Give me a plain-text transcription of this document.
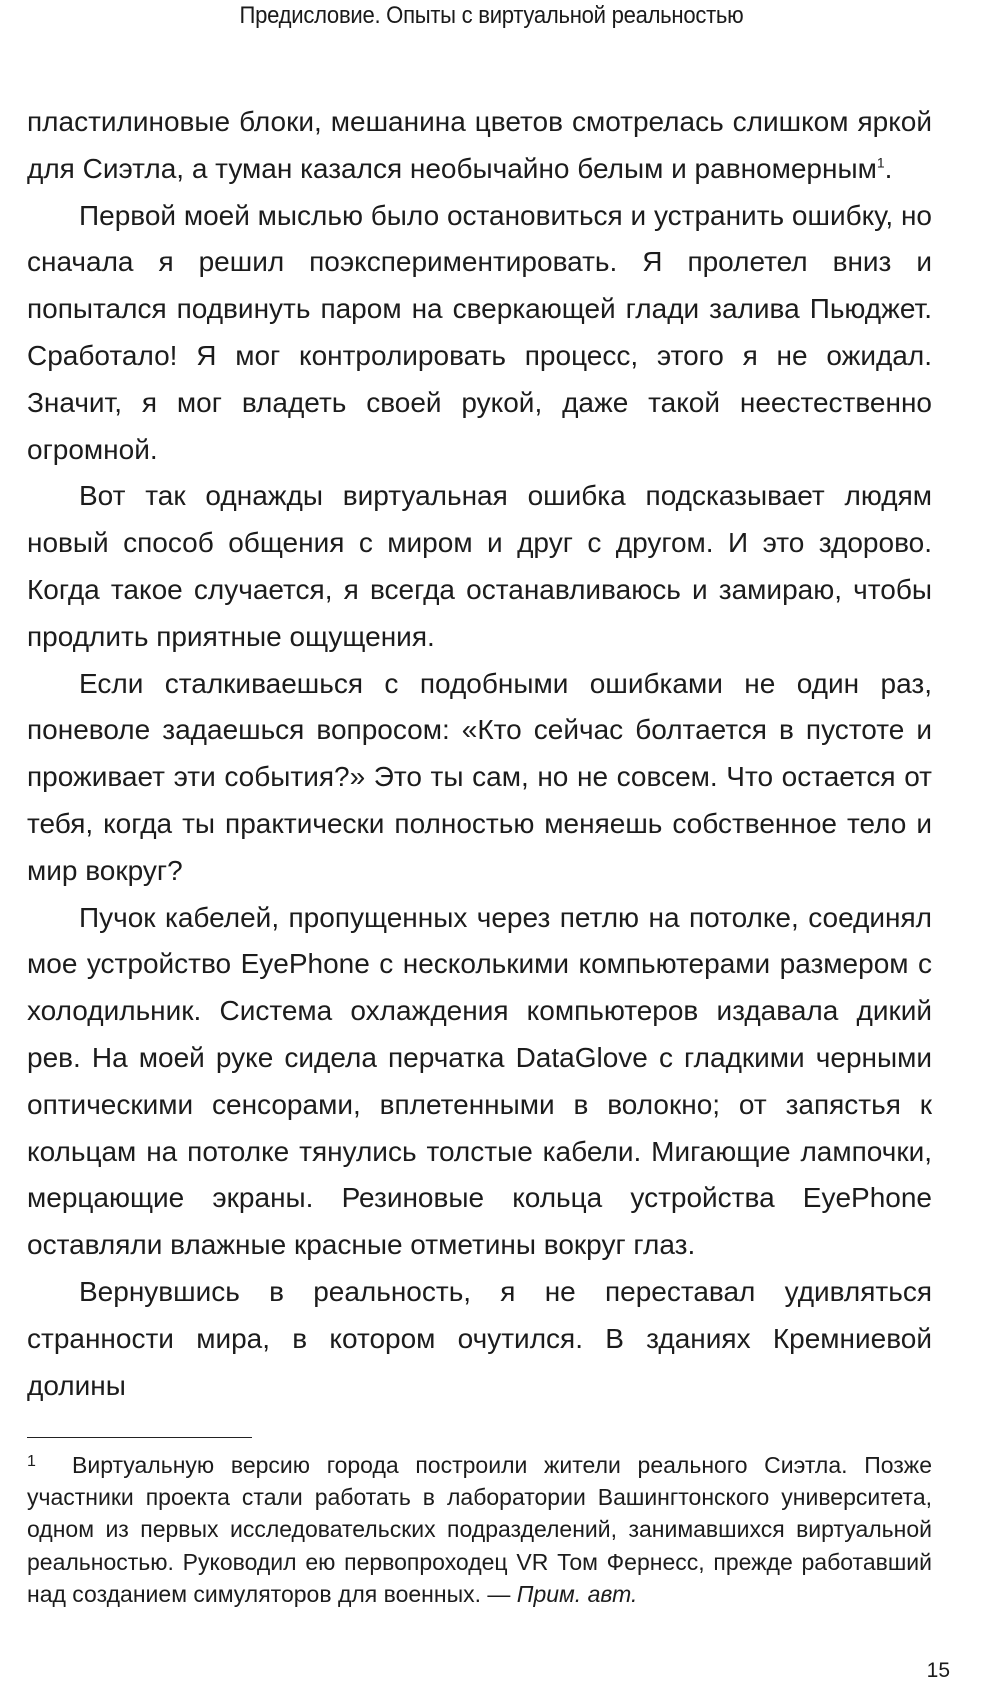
Предисловие. Опыты с виртуальной реальностью

пластилиновые блоки, мешанина цветов смотрелась слишком яркой для Сиэтла, а туман казался необычайно белым и равномерным$^1$.

Первой моей мыслью было остановиться и устранить ошибку, но сначала я решил поэкспериментировать. Я пролетел вниз и попытался подвинуть паром на сверкающей глади залива Пьюджет. Сработало! Я мог контролировать процесс, этого я не ожидал. Значит, я мог владеть своей рукой, даже такой неестественно огромной.

Вот так однажды виртуальная ошибка подсказывает людям новый способ общения с миром и друг с другом. И это здорово. Когда такое случается, я всегда останавливаюсь и замираю, чтобы продлить приятные ощущения.

Если сталкиваешься с подобными ошибками не один раз, поневоле задаешься вопросом: «Кто сейчас болтается в пустоте и проживает эти события?» Это ты сам, но не совсем. Что остается от тебя, когда ты практически полностью меняешь собственное тело и мир вокруг?

Пучок кабелей, пропущенных через петлю на потолке, соединял мое устройство EyePhone с несколькими компьютерами размером с холодильник. Система охлаждения компьютеров издавала дикий рев. На моей руке сидела перчатка DataGlove с гладкими черными оптическими сенсорами, вплетенными в волокно; от запястья к кольцам на потолке тянулись толстые кабели. Мигающие лампочки, мерцающие экраны. Резиновые кольца устройства EyePhone оставляли влажные красные отметины вокруг глаз.

Вернувшись в реальность, я не переставал удивляться странности мира, в котором очутился. В зданиях Кремниевой долины

1 Виртуальную версию города построили жители реального Сиэтла. Позже участники проекта стали работать в лаборатории Вашингтонского университета, одном из первых исследовательских подразделений, занимавшихся виртуальной реальностью. Руководил ею первопроходец VR Том Фернесс, прежде работавший над созданием симуляторов для военных. — Прим. авт.
15
